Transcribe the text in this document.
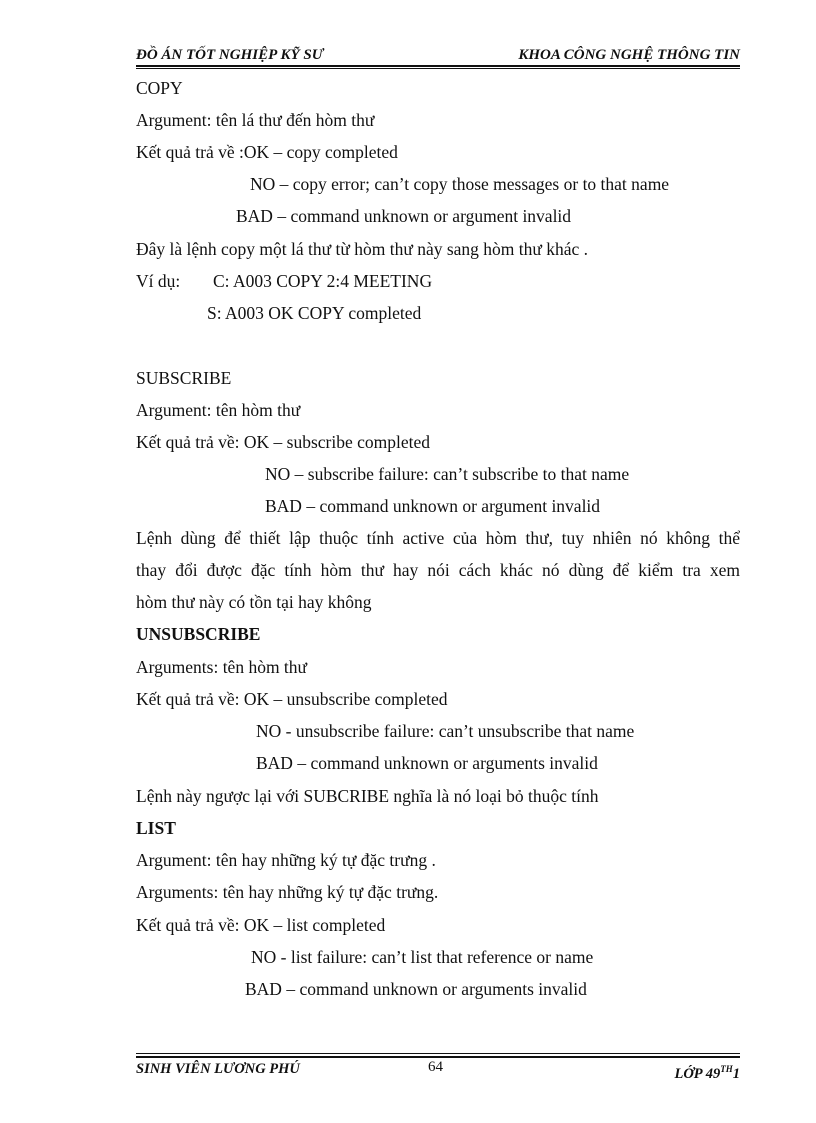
ĐỒ ÁN TỐT NGHIỆP KỸ SƯ	KHOA CÔNG NGHỆ THÔNG TIN
COPY
Argument: tên lá thư đến hòm thư
Kết quả trả về :OK – copy completed
NO – copy error; can’t copy those messages or to that name
BAD – command unknown or argument invalid
Đây là lệnh copy một lá thư từ hòm thư này sang hòm thư khác .
Ví dụ: C: A003 COPY 2:4 MEETING
S: A003 OK COPY completed
SUBSCRIBE
Argument: tên hòm thư
Kết quả trả về: OK – subscribe completed
NO – subscribe failure: can’t subscribe to that name
BAD – command unknown or argument invalid
Lệnh dùng để thiết lập thuộc tính active của hòm thư, tuy nhiên nó không thể
thay đổi được đặc tính hòm thư hay nói cách khác nó dùng để kiểm tra xem
hòm thư này có tồn tại hay không
UNSUBSCRIBE
Arguments: tên hòm thư
Kết quả trả về: OK – unsubscribe completed
NO - unsubscribe failure: can’t unsubscribe that name
BAD – command unknown or arguments invalid
Lệnh này ngược lại với SUBCRIBE nghĩa là nó loại bỏ thuộc tính
LIST
Argument: tên hay những ký tự đặc trưng .
Arguments: tên hay những ký tự đặc trưng.
Kết quả trả về: OK – list completed
NO - list failure: can’t list that reference or name
BAD – command unknown or arguments invalid
SINH VIÊN LƯƠNG PHÚ	64	LỚP 49TH1
